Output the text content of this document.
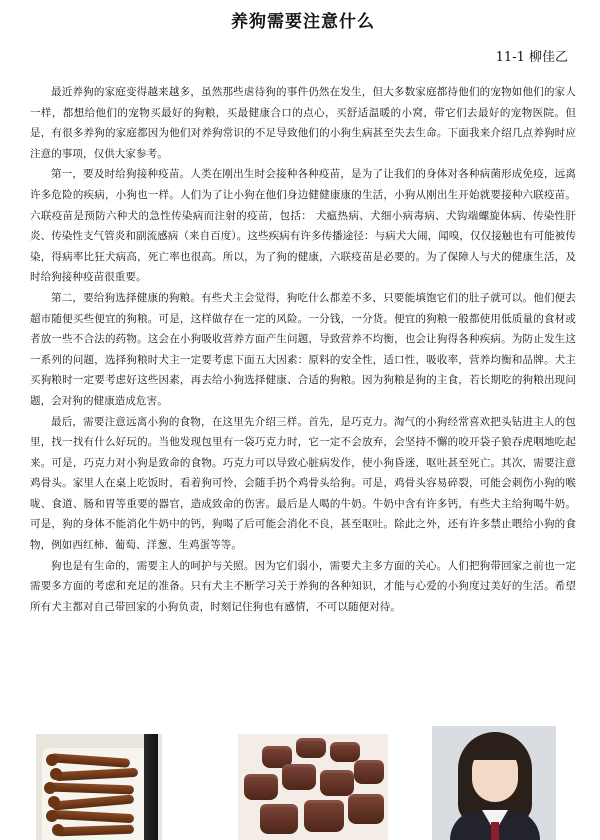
养狗需要注意什么
11-1 柳佳乙

最近养狗的家庭变得越来越多，虽然那些虐待狗的事件仍然在发生，但大多数家庭都待他们的宠物如他们的家人一样，都想给他们的宠物买最好的狗粮，买最健康合口的点心，买舒适温暖的小窝，带它们去最好的宠物医院。但是，有很多养狗的家庭都因为他们对养狗常识的不足导致他们的小狗生病甚至失去生命。下面我来介绍几点养狗时应注意的事项，仅供大家参考。

第一，要及时给狗接种疫苗。人类在刚出生时会接种各种疫苗，是为了让我们的身体对各种病菌形成免疫，远离许多危险的疾病，小狗也一样。人们为了让小狗在他们身边健健康康的生活，小狗从刚出生开始就要接种六联疫苗。六联疫苗是预防六种犬的急性传染病而注射的疫苗，包括： 犬瘟热病、犬细小病毒病、犬钩端螺旋体病、传染性肝炎、传染性支气管炎和副流感病（来自百度）。这些疾病有许多传播途径：与病犬大闹，闻嗅，仅仅接触也有可能被传染，得病率比狂犬病高，死亡率也很高。所以，为了狗的健康，六联疫苗是必要的。为了保障人与犬的健康生活，及时给狗接种疫苗很重要。

第二，要给狗选择健康的狗粮。有些犬主会觉得，狗吃什么都差不多，只要能填饱它们的肚子就可以。他们便去超市随便买些便宜的狗粮。可是，这样做存在一定的风险。一分钱，一分货。便宜的狗粮一般都使用低质量的食材或者放一些不合法的药物。这会在小狗吸收营养方面产生问题，导致营养不均衡，也会让狗得各种疾病。为防止发生这一系列的问题，选择狗粮时犬主一定要考虑下面五大因素：原料的安全性，适口性，吸收率，营养均衡和品牌。犬主买狗粮时一定要考虑好这些因素，再去给小狗选择健康、合适的狗粮。因为狗粮是狗的主食，若长期吃的狗粮出现问题，会对狗的健康造成危害。

最后，需要注意远离小狗的食物，在这里先介绍三样。首先，是巧克力。淘气的小狗经常喜欢把头钻进主人的包里，找一找有什么好玩的。当他发现包里有一袋巧克力时，它一定不会放弃，会坚持不懈的咬开袋子狼吞虎咽地吃起来。可是，巧克力对小狗是致命的食物。巧克力可以导致心脏病发作，使小狗昏迷，呕吐甚至死亡。其次，需要注意鸡骨头。家里人在桌上吃饭时，看着狗可怜，会随手扔个鸡骨头给狗。可是，鸡骨头容易碎裂，可能会刺伤小狗的喉咙、食道、肠和胃等重要的器官，造成致命的伤害。最后是人喝的牛奶。牛奶中含有许多钙，有些犬主给狗喝牛奶。可是，狗的身体不能消化牛奶中的钙，狗喝了后可能会消化不良，甚至呕吐。除此之外，还有许多禁止喂给小狗的食物，例如西红柿、葡萄、洋葱、生鸡蛋等等。

狗也是有生命的，需要主人的呵护与关照。因为它们弱小，需要犬主多方面的关心。人们把狗带回家之前也一定需要多方面的考虑和充足的准备。只有犬主不断学习关于养狗的各种知识，才能与心爱的小狗度过美好的生活。希望所有犬主都对自己带回家的小狗负责，时刻记住狗也有感情，不可以随便对待。
